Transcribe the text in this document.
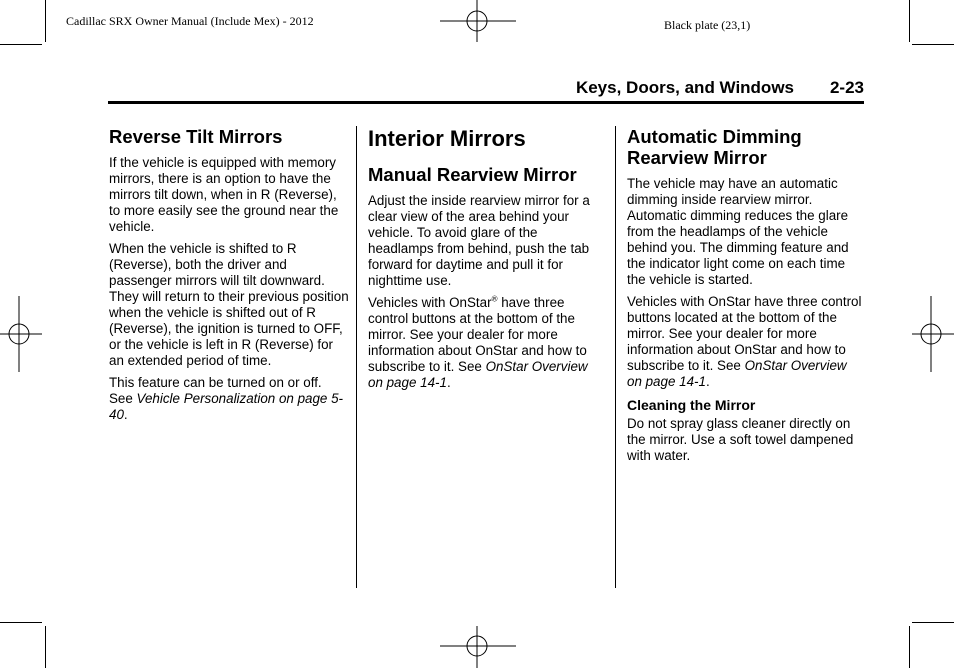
Cadillac SRX Owner Manual (Include Mex) - 2012	Black plate (23,1)
Keys, Doors, and Windows 2-23
Reverse Tilt Mirrors

If the vehicle is equipped with memory mirrors, there is an option to have the mirrors tilt down, when in R (Reverse), to more easily see the ground near the vehicle.

When the vehicle is shifted to R (Reverse), both the driver and passenger mirrors will tilt downward. They will return to their previous position when the vehicle is shifted out of R (Reverse), the ignition is turned to OFF, or the vehicle is left in R (Reverse) for an extended period of time.

This feature can be turned on or off. See Vehicle Personalization on page 5-40.

Interior Mirrors
Manual Rearview Mirror

Adjust the inside rearview mirror for a clear view of the area behind your vehicle. To avoid glare of the headlamps from behind, push the tab forward for daytime and pull it for nighttime use.

Vehicles with OnStar® have three control buttons at the bottom of the mirror. See your dealer for more information about OnStar and how to subscribe to it. See OnStar Overview on page 14-1.

Automatic Dimming Rearview Mirror

The vehicle may have an automatic dimming inside rearview mirror. Automatic dimming reduces the glare from the headlamps of the vehicle behind you. The dimming feature and the indicator light come on each time the vehicle is started.

Vehicles with OnStar have three control buttons located at the bottom of the mirror. See your dealer for more information about OnStar and how to subscribe to it. See OnStar Overview on page 14-1.

Cleaning the Mirror

Do not spray glass cleaner directly on the mirror. Use a soft towel dampened with water.
